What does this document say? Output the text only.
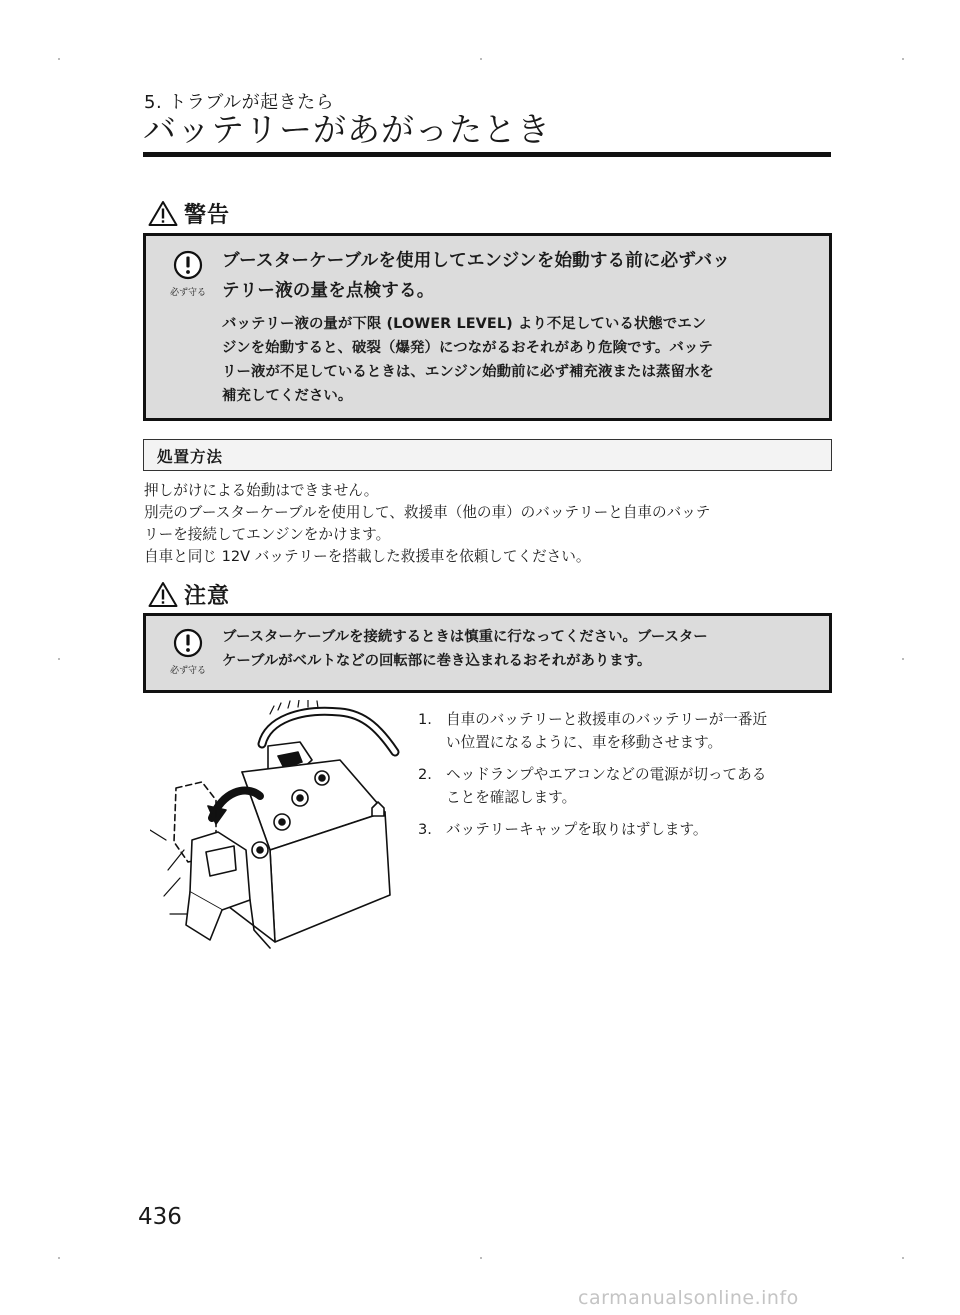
5. トラブルが起きたら
バッテリーがあがったとき
警告
必ず守る
ブースターケーブルを使用してエンジンを始動する前に必ずバッ
テリー液の量を点検する。
バッテリー液の量が下限 (LOWER LEVEL) より不足している状態でエン
ジンを始動すると、破裂（爆発）につながるおそれがあり危険です。バッテ
リー液が不足しているときは、エンジン始動前に必ず補充液または蒸留水を
補充してください。
処置方法
押しがけによる始動はできません。
別売のブースターケーブルを使用して、救援車（他の車）のバッテリーと自車のバッテ
リーを接続してエンジンをかけます。
自車と同じ 12V バッテリーを搭載した救援車を依頼してください。
注意
必ず守る
ブースターケーブルを接続するときは慎重に行なってください。ブースター
ケーブルがベルトなどの回転部に巻き込まれるおそれがあります。
1. 自車のバッテリーと救援車のバッテリーが一番近
い位置になるように、車を移動させます。
2. ヘッドランプやエアコンなどの電源が切ってある
ことを確認します。
3. バッテリーキャップを取りはずします。
436
carmanualsonline.info
